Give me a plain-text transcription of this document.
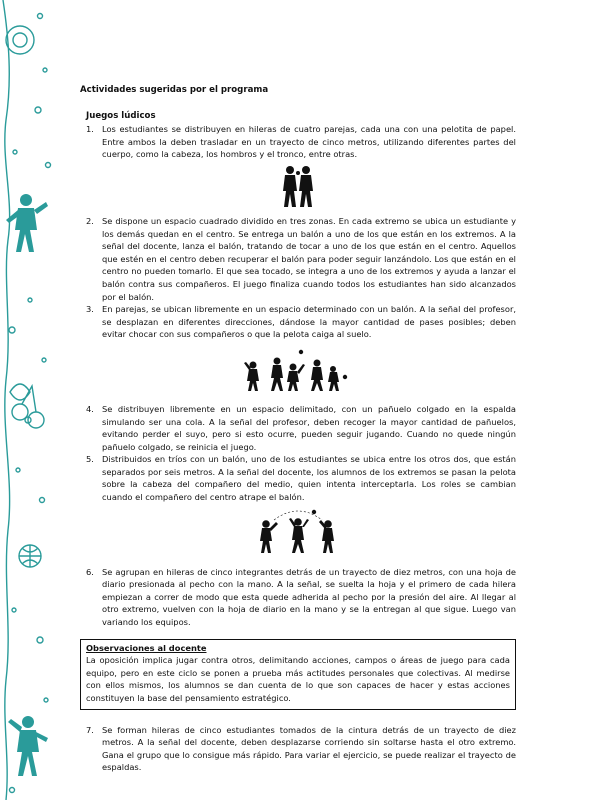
Actividades sugeridas por el programa
Juegos lúdicos
1. Los estudiantes se distribuyen en hileras de cuatro parejas, cada una con una pelotita de papel. Entre ambos la deben trasladar en un trayecto de cinco metros, utilizando diferentes partes del cuerpo, como la cabeza, los hombros y el tronco, entre otras.
2. Se dispone un espacio cuadrado dividido en tres zonas. En cada extremo se ubica un estudiante y los demás quedan en el centro. Se entrega un balón a uno de los que están en los extremos. A la señal del docente, lanza el balón, tratando de tocar a uno de los que están en el centro. Aquellos que estén en el centro deben recuperar el balón para poder seguir lanzándolo. Los que están en el centro no pueden tomarlo. El que sea tocado, se integra a uno de los extremos y ayuda a lanzar el balón contra sus compañeros. El juego finaliza cuando todos los estudiantes han sido alcanzados por el balón.
3. En parejas, se ubican libremente en un espacio determinado con un balón. A la señal del profesor, se desplazan en diferentes direcciones, dándose la mayor cantidad de pases posibles; deben evitar chocar con sus compañeros o que la pelota caiga al suelo.
4. Se distribuyen libremente en un espacio delimitado, con un pañuelo colgado en la espalda simulando ser una cola. A la señal del profesor, deben recoger la mayor cantidad de pañuelos, evitando perder el suyo, pero si esto ocurre, pueden seguir jugando. Cuando no quede ningún pañuelo colgado, se reinicia el juego.
5. Distribuidos en tríos con un balón, uno de los estudiantes se ubica entre los otros dos, que están separados por seis metros. A la señal del docente, los alumnos de los extremos se pasan la pelota sobre la cabeza del compañero del medio, quien intenta interceptarla. Los roles se cambian cuando el compañero del centro atrape el balón.
6. Se agrupan en hileras de cinco integrantes detrás de un trayecto de diez metros, con una hoja de diario presionada al pecho con la mano. A la señal, se suelta la hoja y el primero de cada hilera empiezan a correr de modo que esta quede adherida al pecho por la presión del aire. Al llegar al otro extremo, vuelven con la hoja de diario en la mano y se la entregan al que sigue. Luego van variando los equipos.
Observaciones al docente
La oposición implica jugar contra otros, delimitando acciones, campos o áreas de juego para cada equipo, pero en este ciclo se ponen a prueba más actitudes personales que colectivas. Al medirse con ellos mismos, los alumnos se dan cuenta de lo que son capaces de hacer y estas acciones constituyen la base del pensamiento estratégico.
7. Se forman hileras de cinco estudiantes tomados de la cintura detrás de un trayecto de diez metros. A la señal del docente, deben desplazarse corriendo sin soltarse hasta el otro extremo. Gana el grupo que lo consigue más rápido. Para variar el ejercicio, se puede realizar el trayecto de espaldas.
